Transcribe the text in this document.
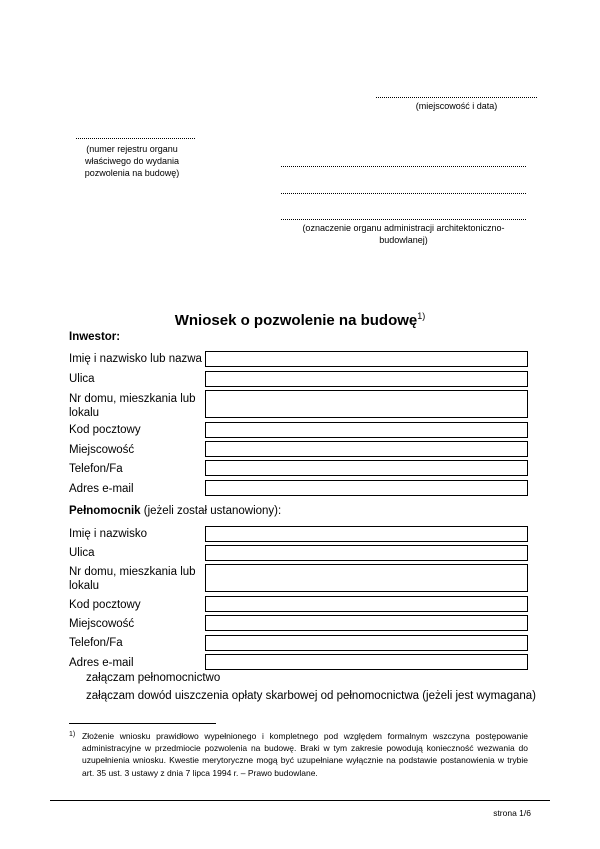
(miejscowość i data)
(numer rejestru organu właściwego do wydania pozwolenia na budowę)
(oznaczenie organu administracji architektoniczno-budowlanej)
Wniosek o pozwolenie na budowę$^{1)}$
Inwestor:
Imię i nazwisko lub nazwa
Ulica
Nr domu, mieszkania lub lokalu
Kod pocztowy
Miejscowość
Telefon/Fa
Adres e-mail
Pełnomocnik (jeżeli został ustanowiony):
Imię i nazwisko
Ulica
Nr domu, mieszkania lub lokalu
Kod pocztowy
Miejscowość
Telefon/Fa
Adres e-mail
załączam pełnomocnictwo
załączam dowód uiszczenia opłaty skarbowej od pełnomocnictwa (jeżeli jest wymagana)
1) Złożenie wniosku prawidłowo wypełnionego i kompletnego pod względem formalnym wszczyna postępowanie administracyjne w przedmiocie pozwolenia na budowę. Braki w tym zakresie powodują konieczność wezwania do uzupełnienia wniosku. Kwestie merytoryczne mogą być uzupełniane wyłącznie na podstawie postanowienia w trybie art. 35 ust. 3 ustawy z dnia 7 lipca 1994 r. – Prawo budowlane.
strona 1/6
